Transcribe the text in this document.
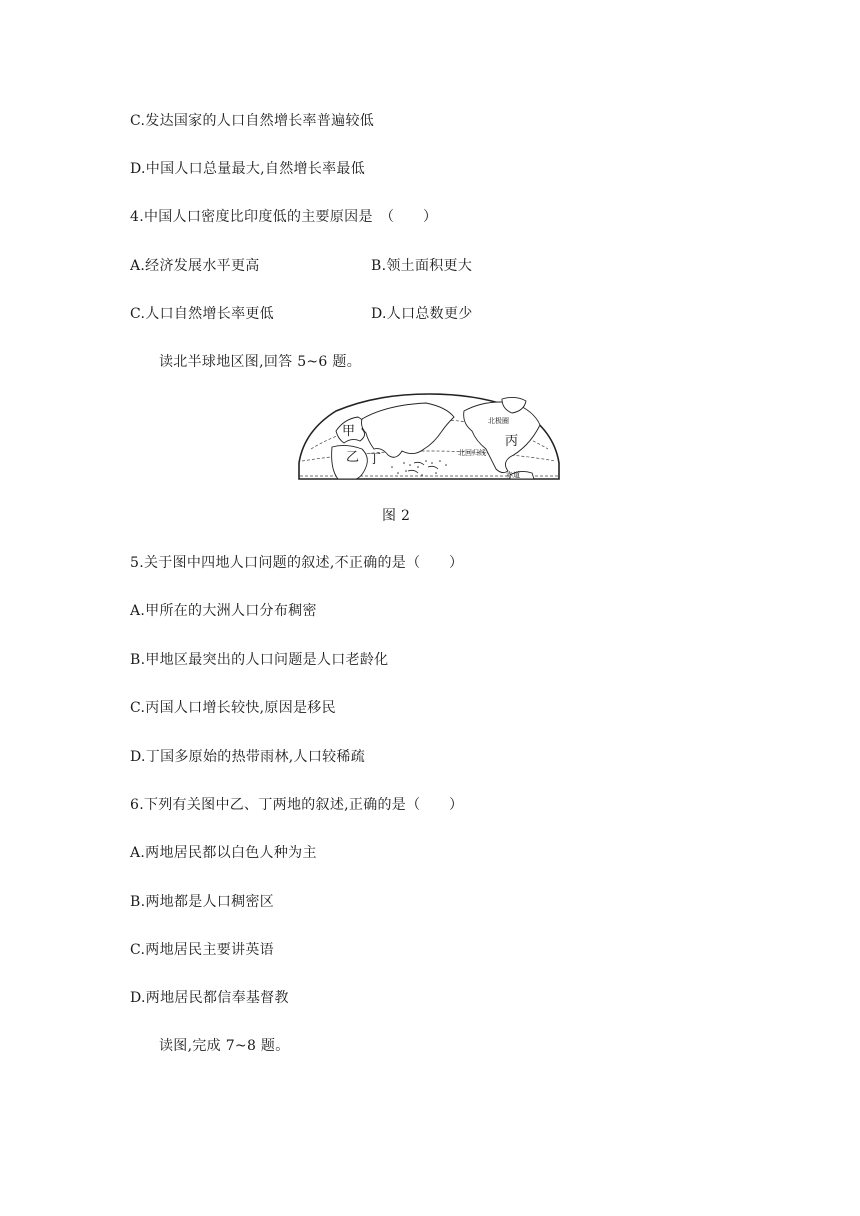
C.发达国家的人口自然增长率普遍较低
D.中国人口总量最大,自然增长率最低
4.中国人口密度比印度低的主要原因是　（　　）
A.经济发展水平更高	B.领土面积更大
C.人口自然增长率更低	D.人口总数更少
读北半球地区图,回答 5~6 题。
甲
乙 丁
丙
北极圈
北回归线
赤道
图 2
5.关于图中四地人口问题的叙述,不正确的是（　　）
A.甲所在的大洲人口分布稠密
B.甲地区最突出的人口问题是人口老龄化
C.丙国人口增长较快,原因是移民
D.丁国多原始的热带雨林,人口较稀疏
6.下列有关图中乙、丁两地的叙述,正确的是（　　）
A.两地居民都以白色人种为主
B.两地都是人口稠密区
C.两地居民主要讲英语
D.两地居民都信奉基督教
读图,完成 7~8 题。
